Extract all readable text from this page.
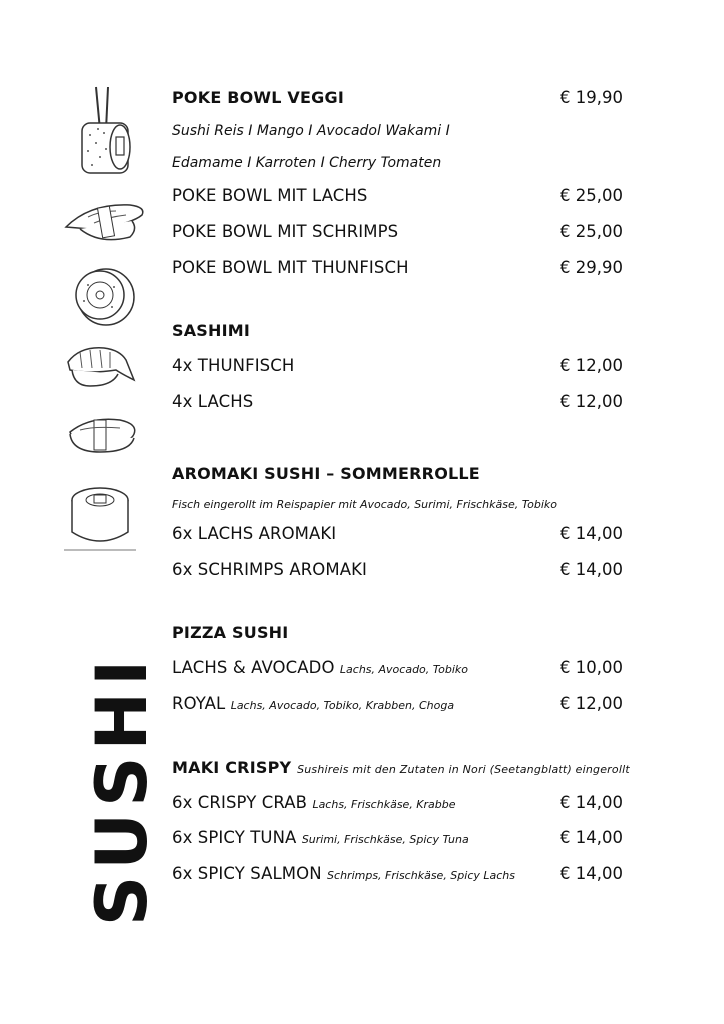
SUSHI
POKE BOWL VEGGI	€ 19,90
Sushi Reis I Mango I Avocadol Wakami I
Edamame I Karroten I Cherry Tomaten
POKE BOWL MIT LACHS	€ 25,00
POKE BOWL MIT SCHRIMPS	€ 25,00
POKE BOWL MIT THUNFISCH	€ 29,90
SASHIMI
4x THUNFISCH	€ 12,00
4x LACHS	€ 12,00
AROMAKI SUSHI – SOMMERROLLE
Fisch eingerollt im Reispapier mit Avocado, Surimi, Frischkäse, Tobiko
6x LACHS AROMAKI	€ 14,00
6x SCHRIMPS AROMAKI	€ 14,00
PIZZA SUSHI
LACHS & AVOCADO Lachs, Avocado, Tobiko	€ 10,00
ROYAL Lachs, Avocado, Tobiko, Krabben, Choga	€ 12,00
MAKI CRISPY Sushireis mit den Zutaten in Nori (Seetangblatt) eingerollt
6x CRISPY CRAB Lachs, Frischkäse, Krabbe	€ 14,00
6x SPICY TUNA Surimi, Frischkäse, Spicy Tuna	€ 14,00
6x SPICY SALMON Schrimps, Frischkäse, Spicy Lachs	€ 14,00
